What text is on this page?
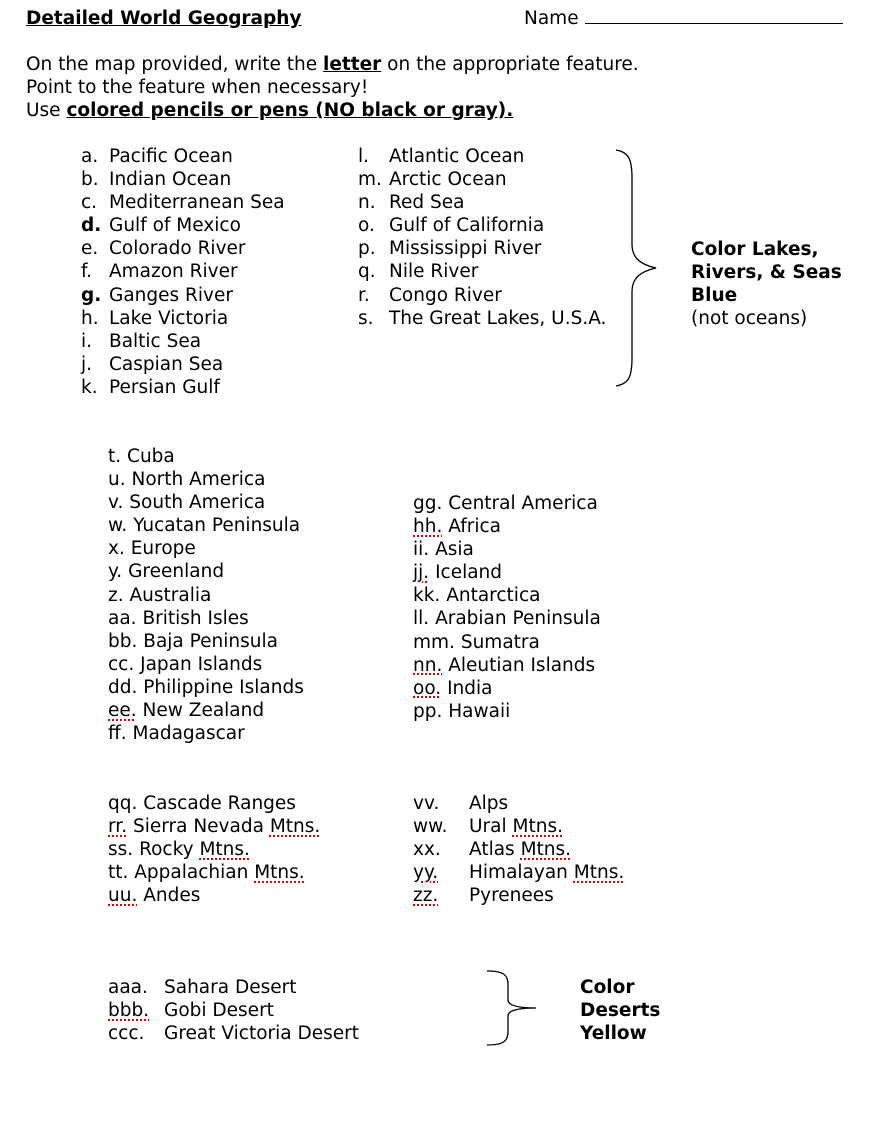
Detailed World Geography	Name
On the map provided, write the letter on the appropriate feature.
Point to the feature when necessary!
Use colored pencils or pens (NO black or gray).
a. Pacific Ocean
b. Indian Ocean
c. Mediterranean Sea
d. Gulf of Mexico
e. Colorado River
f. Amazon River
g. Ganges River
h. Lake Victoria
i. Baltic Sea
j. Caspian Sea
k. Persian Gulf
l. Atlantic Ocean
m. Arctic Ocean
n. Red Sea
o. Gulf of California
p. Mississippi River
q. Nile River
r. Congo River
s. The Great Lakes, U.S.A.
Color Lakes,
Rivers, & Seas
Blue
(not oceans)
t. Cuba
u. North America
v. South America
w. Yucatan Peninsula
x. Europe
y. Greenland
z. Australia
aa. British Isles
bb. Baja Peninsula
cc. Japan Islands
dd. Philippine Islands
ee. New Zealand
ff. Madagascar
gg. Central America
hh. Africa
ii. Asia
jj. Iceland
kk. Antarctica
ll. Arabian Peninsula
mm. Sumatra
nn. Aleutian Islands
oo. India
pp. Hawaii
qq. Cascade Ranges
rr. Sierra Nevada Mtns.
ss. Rocky Mtns.
tt. Appalachian Mtns.
uu. Andes
vv. Alps
ww. Ural Mtns.
xx. Atlas Mtns.
yy. Himalayan Mtns.
zz. Pyrenees
aaa. Sahara Desert
bbb. Gobi Desert
ccc. Great Victoria Desert
Color
Deserts
Yellow
